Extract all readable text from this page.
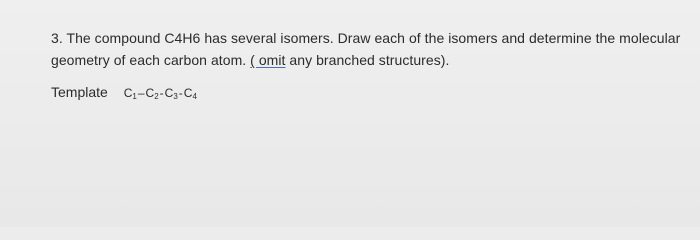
3. The compound C4H6 has several isomers. Draw each of the isomers and determine the molecular
geometry of each carbon atom. ( omit any branched structures).
Template $C_1-C_2-C_3-C_4$
